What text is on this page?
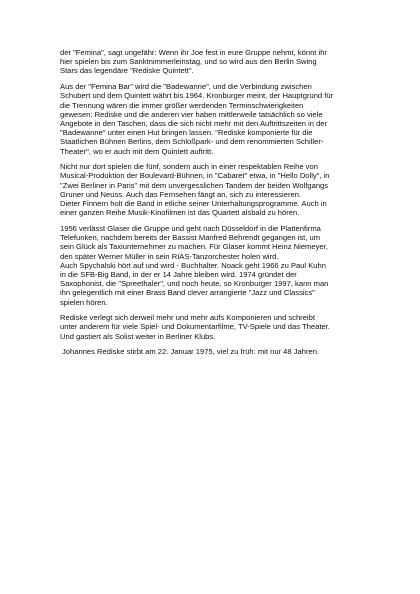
der "Femina", sagt ungefähr: Wenn ihr Joe fest in eure Gruppe nehmt, könnt ihr
hier spielen bis zum Sanktnimmerleinstag, und so wird aus den Berlin Swing
Stars das legendäre "Rediske Quintett".

Aus der "Femina Bar" wird die "Badewanne", und die Verbindung zwischen
Schubert und dem Quintett währt bis 1964. Kronburger meint, der Hauptgrund für
die Trennung wären die immer größer werdenden Terminschwierigkeiten
gewesen: Rediske und die anderen vier haben mittlerweile tatsächlich so viele
Angebote in den Taschen, dass die sich nicht mehr mit den Auftrittszeiten in der
"Badewanne" unter einen Hut bringen lassen. "Rediske komponierte für die
Staatlichen Bühnen Berlins, dem Schloßpark- und dem renommierten Schiller-
Theater", wo er auch mit dem Quintett auftritt.

Nicht nur dort spielen die fünf, sondern auch in einer respektablen Reihe von
Musical-Produktion der Boulevard-Bühnen, in "Cabaret" etwa, in "Hello Dolly", in
"Zwei Berliner in Paris" mit dem unvergesslichen Tandem der beiden Wolfgangs
Gruner und Neuss. Auch das Fernsehen fängt an, sich zu interessieren.
Dieter Finnern holt die Band in etliche seiner Unterhaltungsprogramme. Auch in
einer ganzen Reihe Musik-Kinofilmen ist das Quartett alsbald zu hören.

1956 verlässt Glaser die Gruppe und geht nach Düsseldorf in die Plattenfirma
Telefunken, nachdem bereits der Bassist Manfred Behrendt gegangen ist, um
sein Glück als Taxiunternehmer zu machen. Für Glaser kommt Heinz Niemeyer,
den später Werner Müller in sein RIAS-Tanzorchester holen wird.
Auch Spychalski hört auf und wird - Buchhalter. Noack geht 1966 zu Paul Kuhn
in die SFB-Big Band, in der er 14 Jahre bleiben wird. 1974 gründet der
Saxophonist, die "Spreethaler", und noch heute, so Kronburger 1997, kann man
ihn gelegentlich mit einer Brass Band clever arrangierte "Jazz und Classics"
spielen hören.

Rediske verlegt sich derweil mehr und mehr aufs Komponieren und schreibt
unter anderem für viele Spiel- und Dokumentarfilme, TV-Spiele und das Theater.
Und gastiert als Solist weiter in Berliner Klubs.

Johannes Rediske stirbt am 22. Januar 1975, viel zu früh: mit nur 48 Jahren.
